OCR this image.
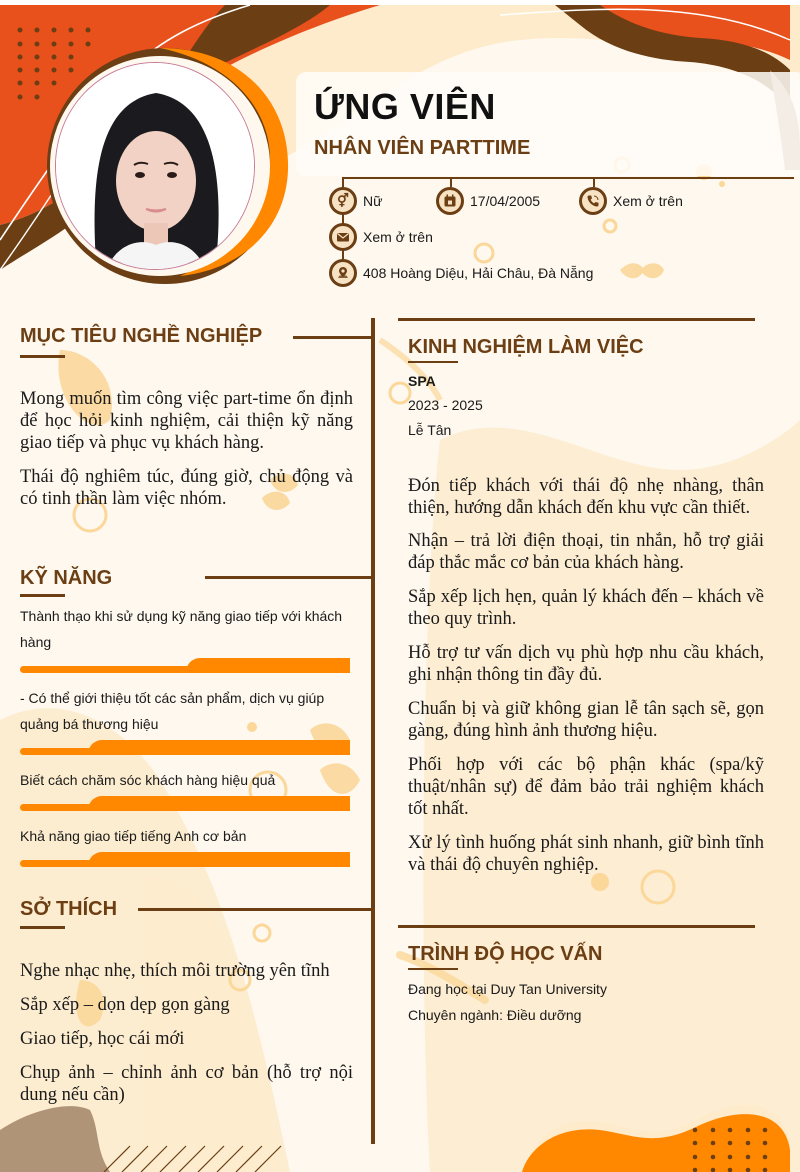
ỨNG VIÊN
NHÂN VIÊN PARTTIME
⚥	Nữ	17/04/2005	Xem ở trên
Xem ở trên
408 Hoàng Diệu, Hải Châu, Đà Nẵng
MỤC TIÊU NGHỀ NGHIỆP
Mong muốn tìm công việc part-time ổn định để học hỏi kinh nghiệm, cải thiện kỹ năng giao tiếp và phục vụ khách hàng.
Thái độ nghiêm túc, đúng giờ, chủ động và có tinh thần làm việc nhóm.
KỸ NĂNG
Thành thạo khi sử dụng kỹ năng giao tiếp với khách hàng
- Có thể giới thiệu tốt các sản phẩm, dịch vụ giúp quảng bá thương hiệu
Biết cách chăm sóc khách hàng hiệu quả
Khả năng giao tiếp tiếng Anh cơ bản
SỞ THÍCH
Nghe nhạc nhẹ, thích môi trường yên tĩnh
Sắp xếp – dọn dẹp gọn gàng
Giao tiếp, học cái mới
Chụp ảnh – chỉnh ảnh cơ bản (hỗ trợ nội dung nếu cần)
KINH NGHIỆM LÀM VIỆC
SPA
2023 - 2025
Lễ Tân
Đón tiếp khách với thái độ nhẹ nhàng, thân thiện, hướng dẫn khách đến khu vực cần thiết.
Nhận – trả lời điện thoại, tin nhắn, hỗ trợ giải đáp thắc mắc cơ bản của khách hàng.
Sắp xếp lịch hẹn, quản lý khách đến – khách về theo quy trình.
Hỗ trợ tư vấn dịch vụ phù hợp nhu cầu khách, ghi nhận thông tin đầy đủ.
Chuẩn bị và giữ không gian lễ tân sạch sẽ, gọn gàng, đúng hình ảnh thương hiệu.
Phối hợp với các bộ phận khác (spa/kỹ thuật/nhân sự) để đảm bảo trải nghiệm khách tốt nhất.
Xử lý tình huống phát sinh nhanh, giữ bình tĩnh và thái độ chuyên nghiệp.
TRÌNH ĐỘ HỌC VẤN
Đang học tại Duy Tan University
Chuyên ngành: Điều dưỡng
